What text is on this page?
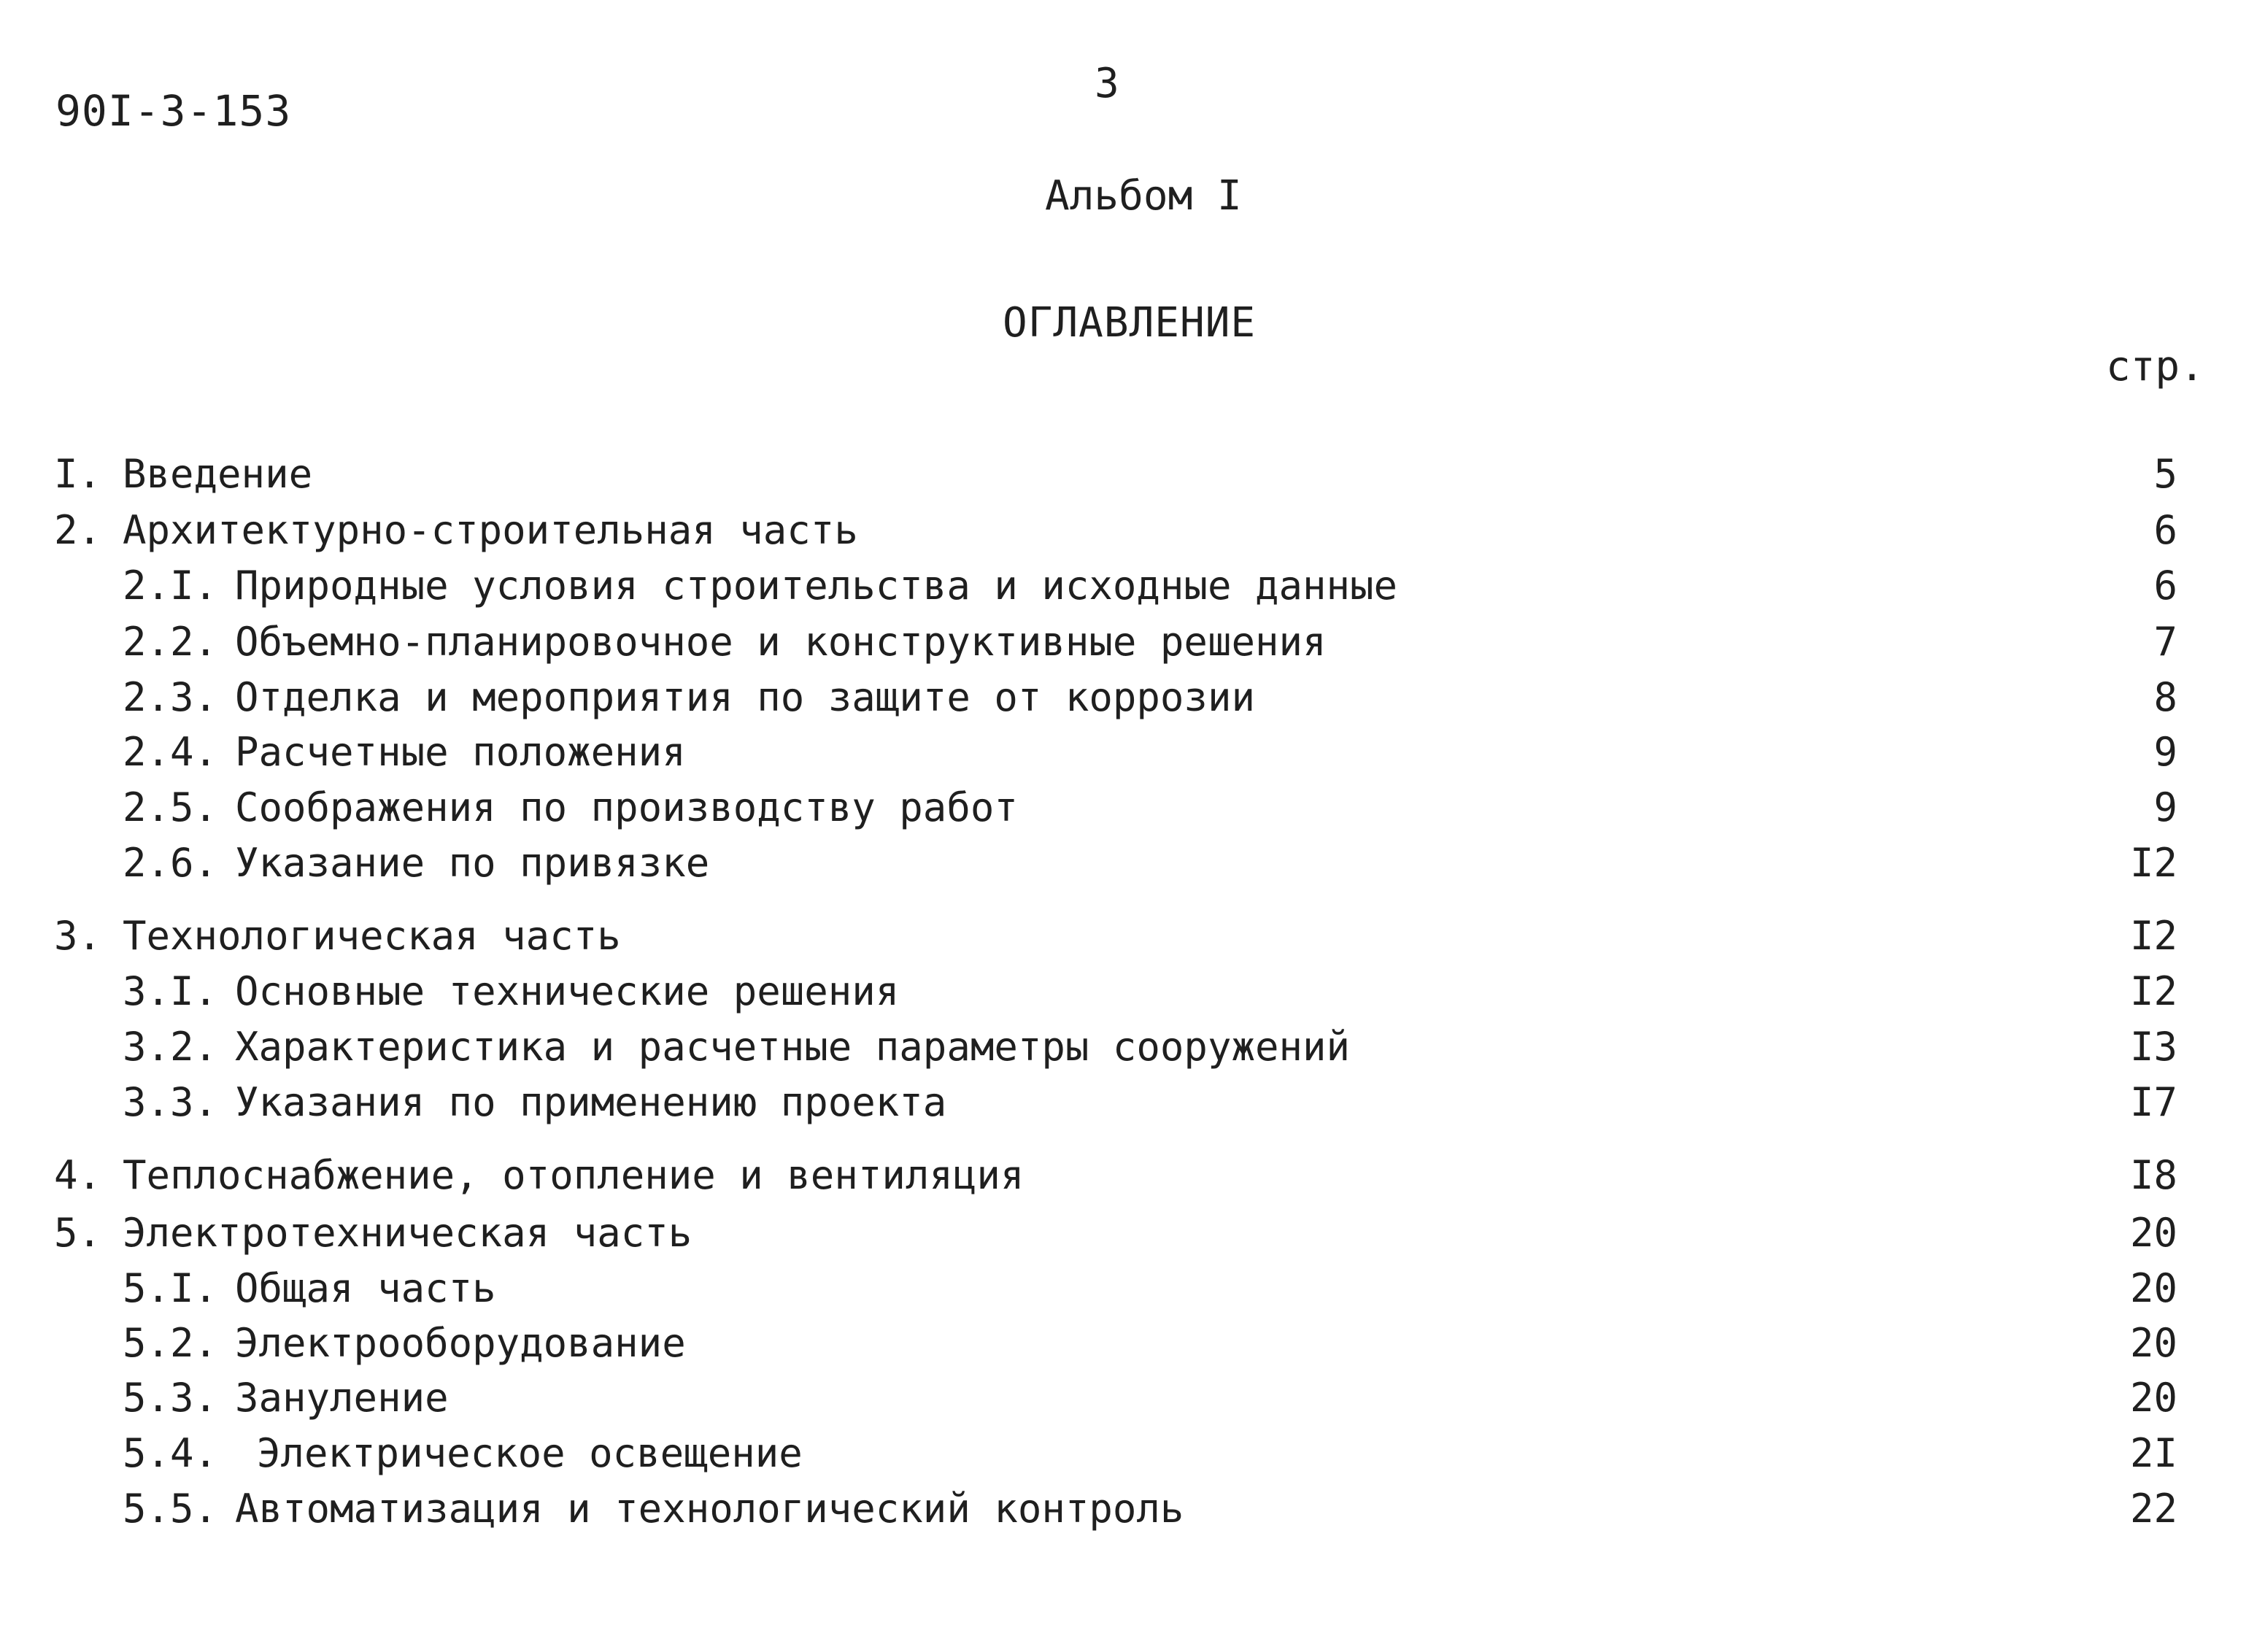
90I-3-153
3
Альбом I
ОГЛАВЛЕНИЕ
стр.
I. Введение	5
2. Архитектурно-строительная часть	6
2.I. Природные условия строительства и исходные данные	6
2.2. Объемно-планировочное и конструктивные решения	7
2.3. Отделка и мероприятия по защите от коррозии	8
2.4. Расчетные положения	9
2.5. Соображения по производству работ	9
2.6. Указание по привязке	I2
3. Технологическая часть	I2
3.I. Основные технические решения	I2
3.2. Характеристика и расчетные параметры сооружений	I3
3.3. Указания по применению проекта	I7
4. Теплоснабжение, отопление и вентиляция	I8
5. Электротехническая часть	20
5.I. Общая часть	20
5.2. Электрооборудование	20
5.3. Зануление	20
5.4. Электрическое освещение	2I
5.5. Автоматизация и технологический контроль	22
